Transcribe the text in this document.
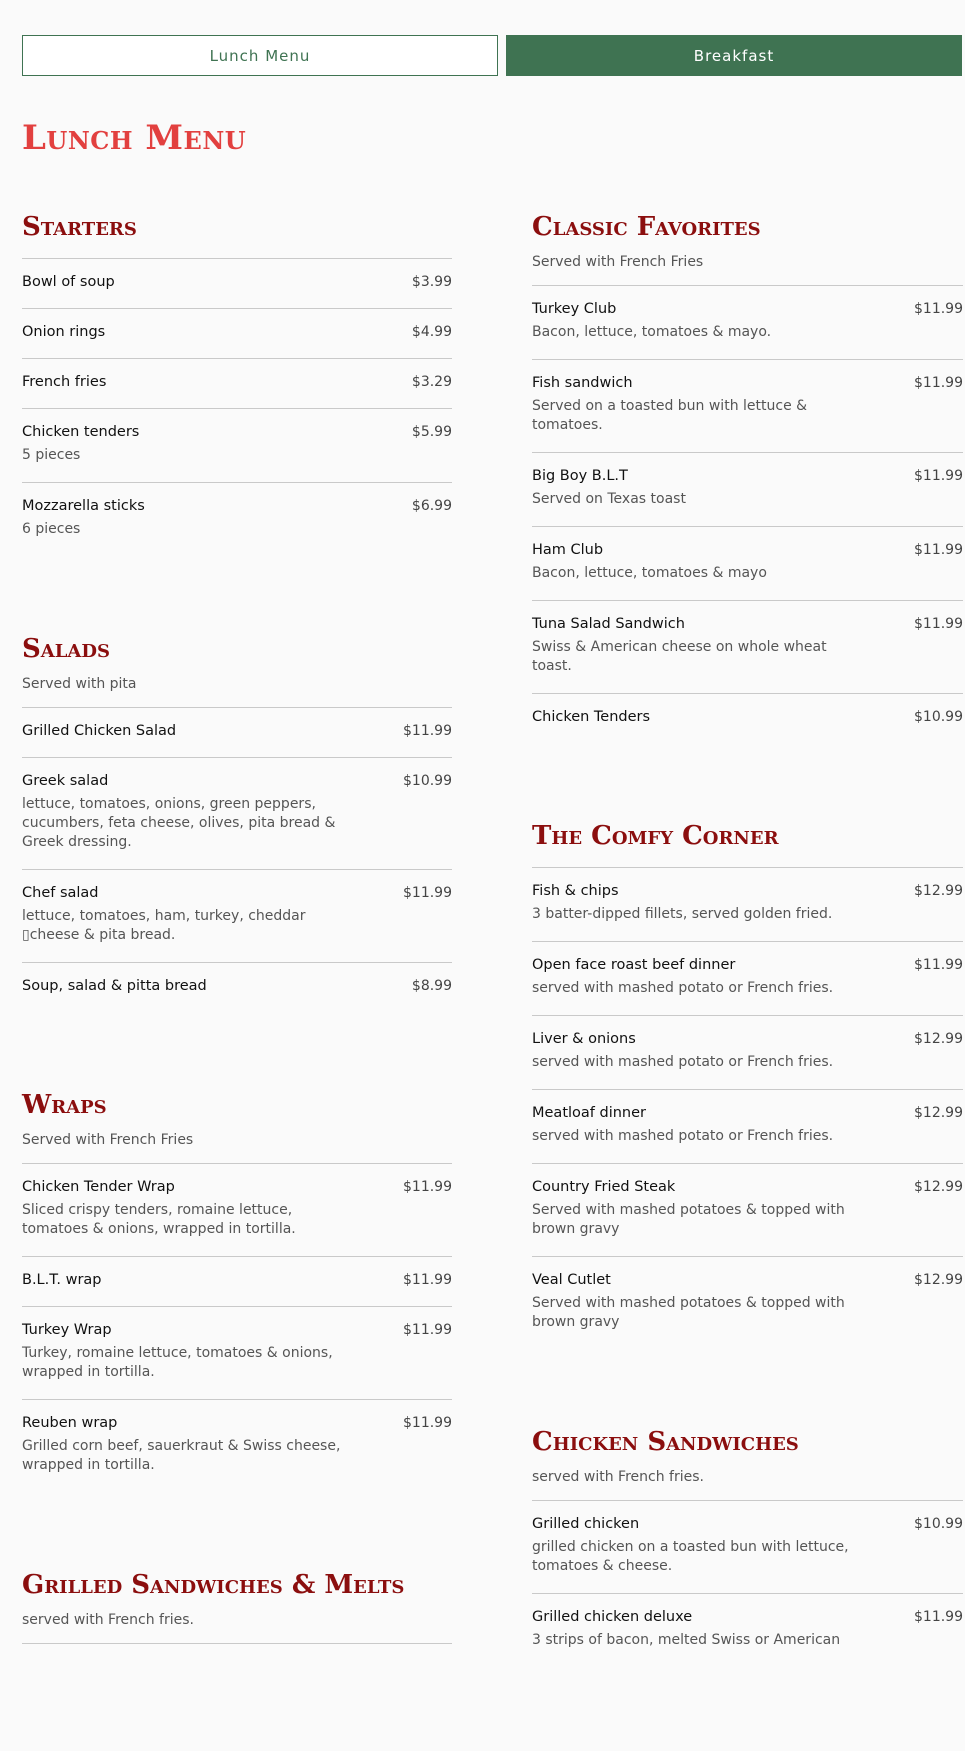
Lunch Menu	Breakfast
Lunch Menu
Starters
Bowl of soup	$3.99
Onion rings	$4.99
French fries	$3.29
Chicken tenders	$5.99
5 pieces
Mozzarella sticks	$6.99
6 pieces
Salads
Served with pita
Grilled Chicken Salad	$11.99
Greek salad	$10.99
lettuce, tomatoes, onions, green peppers, cucumbers, feta cheese, olives, pita bread & Greek dressing.
Chef salad	$11.99
lettuce, tomatoes, ham, turkey, cheddar ▯cheese & pita bread.
Soup, salad & pitta bread	$8.99
Wraps
Served with French Fries
Chicken Tender Wrap	$11.99
Sliced crispy tenders, romaine lettuce, tomatoes & onions, wrapped in tortilla.
B.L.T. wrap	$11.99
Turkey Wrap	$11.99
Turkey, romaine lettuce, tomatoes & onions, wrapped in tortilla.
Reuben wrap	$11.99
Grilled corn beef, sauerkraut & Swiss cheese, wrapped in tortilla.
Grilled Sandwiches & Melts
served with French fries.
Classic Favorites
Served with French Fries
Turkey Club	$11.99
Bacon, lettuce, tomatoes & mayo.
Fish sandwich	$11.99
Served on a toasted bun with lettuce & tomatoes.
Big Boy B.L.T	$11.99
Served on Texas toast
Ham Club	$11.99
Bacon, lettuce, tomatoes & mayo
Tuna Salad Sandwich	$11.99
Swiss & American cheese on whole wheat toast.
Chicken Tenders	$10.99
The Comfy Corner
Fish & chips	$12.99
3 batter-dipped fillets, served golden fried.
Open face roast beef dinner	$11.99
served with mashed potato or French fries.
Liver & onions	$12.99
served with mashed potato or French fries.
Meatloaf dinner	$12.99
served with mashed potato or French fries.
Country Fried Steak	$12.99
Served with mashed potatoes & topped with brown gravy
Veal Cutlet	$12.99
Served with mashed potatoes & topped with brown gravy
Chicken Sandwiches
served with French fries.
Grilled chicken	$10.99
grilled chicken on a toasted bun with lettuce, tomatoes & cheese.
Grilled chicken deluxe	$11.99
3 strips of bacon, melted Swiss or American
